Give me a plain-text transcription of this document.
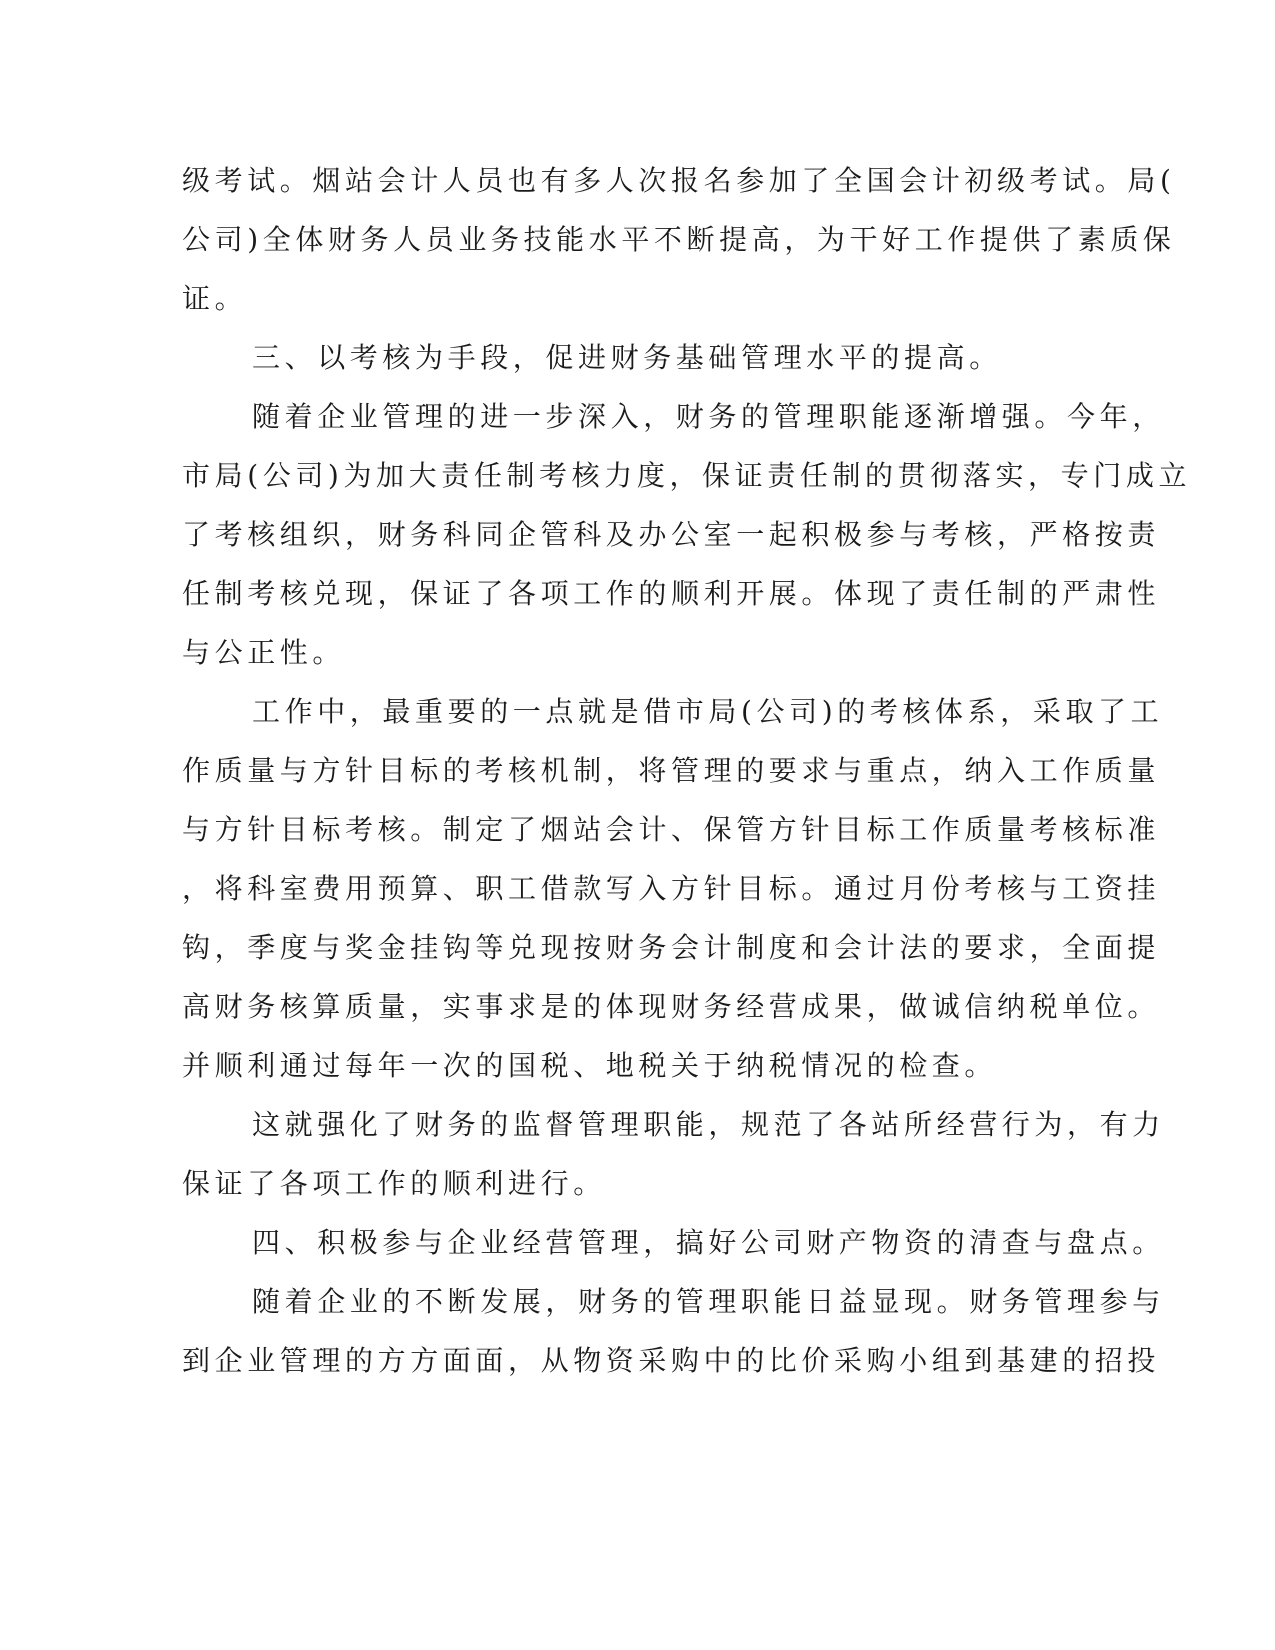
级考试。烟站会计人员也有多人次报名参加了全国会计初级考试。局(

公司)全体财务人员业务技能水平不断提高，为干好工作提供了素质保

证。

三、以考核为手段，促进财务基础管理水平的提高。

随着企业管理的进一步深入，财务的管理职能逐渐增强。今年，

市局(公司)为加大责任制考核力度，保证责任制的贯彻落实，专门成立

了考核组织，财务科同企管科及办公室一起积极参与考核，严格按责

任制考核兑现，保证了各项工作的顺利开展。体现了责任制的严肃性

与公正性。

工作中，最重要的一点就是借市局(公司)的考核体系，采取了工

作质量与方针目标的考核机制，将管理的要求与重点，纳入工作质量

与方针目标考核。制定了烟站会计、保管方针目标工作质量考核标准

，将科室费用预算、职工借款写入方针目标。通过月份考核与工资挂

钩，季度与奖金挂钩等兑现按财务会计制度和会计法的要求，全面提

高财务核算质量，实事求是的体现财务经营成果，做诚信纳税单位。

并顺利通过每年一次的国税、地税关于纳税情况的检查。

这就强化了财务的监督管理职能，规范了各站所经营行为，有力

保证了各项工作的顺利进行。

四、积极参与企业经营管理，搞好公司财产物资的清查与盘点。

随着企业的不断发展，财务的管理职能日益显现。财务管理参与

到企业管理的方方面面，从物资采购中的比价采购小组到基建的招投
